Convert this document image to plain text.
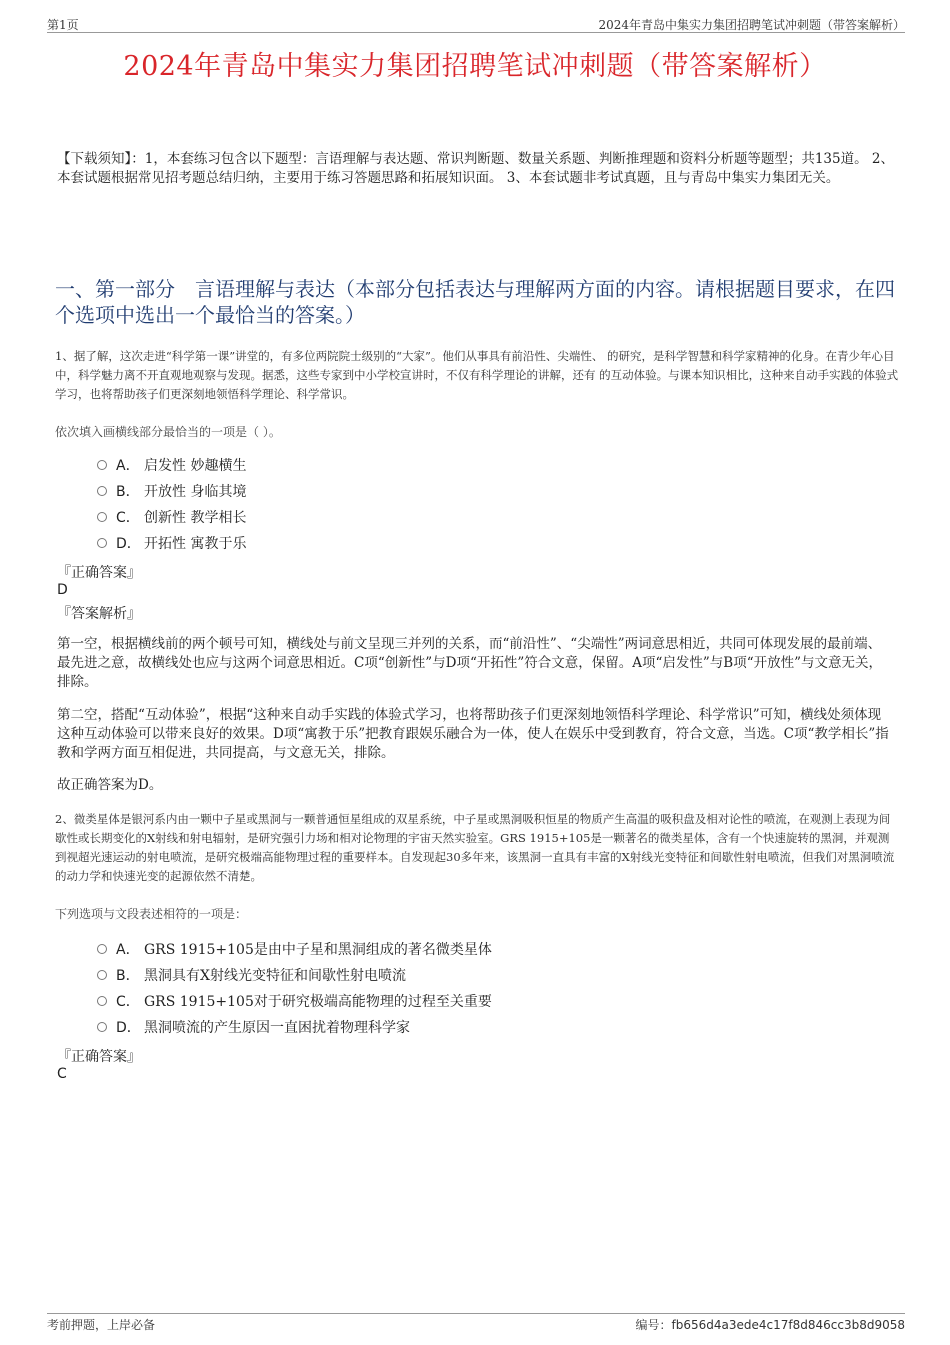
第1页	2024年青岛中集实力集团招聘笔试冲刺题（带答案解析）
2024年青岛中集实力集团招聘笔试冲刺题（带答案解析）
【下载须知】：1，本套练习包含以下题型：言语理解与表达题、常识判断题、数量关系题、判断推理题和资料分析题等题型；共135道。 2、本套试题根据常见招考题总结归纳，主要用于练习答题思路和拓展知识面。 3、本套试题非考试真题，且与青岛中集实力集团无关。
一、第一部分　言语理解与表达（本部分包括表达与理解两方面的内容。请根据题目要求，在四个选项中选出一个最恰当的答案。）
1、据了解，这次走进“科学第一课”讲堂的，有多位两院院士级别的“大家”。他们从事具有前沿性、尖端性、 的研究，是科学智慧和科学家精神的化身。在青少年心目中，科学魅力离不开直观地观察与发现。据悉，这些专家到中小学校宣讲时，不仅有科学理论的讲解，还有 的互动体验。与课本知识相比，这种来自动手实践的体验式学习，也将帮助孩子们更深刻地领悟科学理论、科学常识。
依次填入画横线部分最恰当的一项是（ ）。
A． 启发性 妙趣横生
B． 开放性 身临其境
C． 创新性 教学相长
D． 开拓性 寓教于乐
『正确答案』
D
『答案解析』
第一空，根据横线前的两个顿号可知，横线处与前文呈现三并列的关系，而“前沿性”、“尖端性”两词意思相近，共同可体现发展的最前端、最先进之意，故横线处也应与这两个词意思相近。C项“创新性”与D项“开拓性”符合文意，保留。A项“启发性”与B项“开放性”与文意无关，排除。
第二空，搭配“互动体验”，根据“这种来自动手实践的体验式学习，也将帮助孩子们更深刻地领悟科学理论、科学常识”可知，横线处须体现这种互动体验可以带来良好的效果。D项“寓教于乐”把教育跟娱乐融合为一体，使人在娱乐中受到教育，符合文意，当选。C项“教学相长”指教和学两方面互相促进，共同提高，与文意无关，排除。
故正确答案为D。
2、微类星体是银河系内由一颗中子星或黑洞与一颗普通恒星组成的双星系统，中子星或黑洞吸积恒星的物质产生高温的吸积盘及相对论性的喷流，在观测上表现为间歇性或长期变化的X射线和射电辐射，是研究强引力场和相对论物理的宇宙天然实验室。GRS 1915+105是一颗著名的微类星体，含有一个快速旋转的黑洞，并观测到视超光速运动的射电喷流，是研究极端高能物理过程的重要样本。自发现起30多年来，该黑洞一直具有丰富的X射线光变特征和间歇性射电喷流，但我们对黑洞喷流的动力学和快速光变的起源依然不清楚。
下列选项与文段表述相符的一项是：
A． GRS 1915+105是由中子星和黑洞组成的著名微类星体
B． 黑洞具有X射线光变特征和间歇性射电喷流
C． GRS 1915+105对于研究极端高能物理的过程至关重要
D． 黑洞喷流的产生原因一直困扰着物理科学家
『正确答案』
C
考前押题，上岸必备	编号：fb656d4a3ede4c17f8d846cc3b8d9058
